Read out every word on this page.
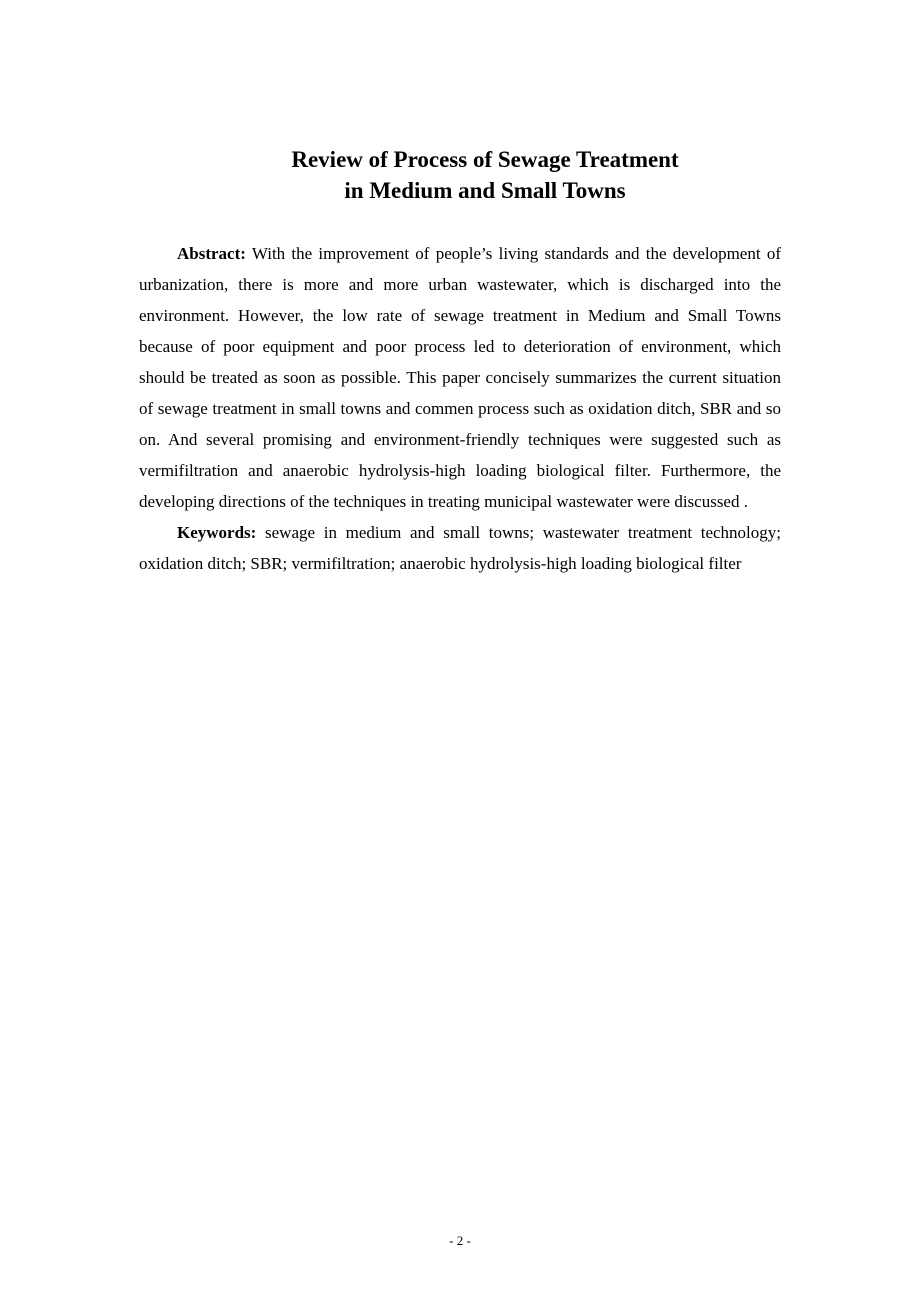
Review of Process of Sewage Treatment
in Medium and Small Towns

Abstract: With the improvement of people’s living standards and the development of urbanization, there is more and more urban wastewater, which is discharged into the environment. However, the low rate of sewage treatment in Medium and Small Towns because of poor equipment and poor process led to deterioration of environment, which should be treated as soon as possible. This paper concisely summarizes the current situation of sewage treatment in small towns and commen process such as oxidation ditch, SBR and so on. And several promising and environment-friendly techniques were suggested such as vermifiltration and anaerobic hydrolysis-high loading biological filter. Furthermore, the developing directions of the techniques in treating municipal wastewater were discussed .

Keywords: sewage in medium and small towns; wastewater treatment technology; oxidation ditch; SBR; vermifiltration; anaerobic hydrolysis-high loading biological filter

- 2 -
